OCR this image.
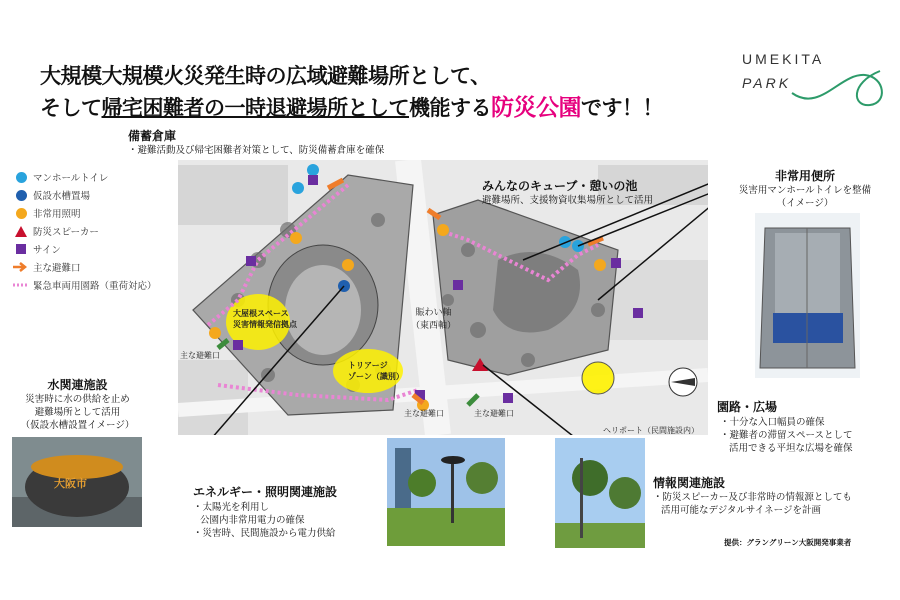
大規模大規模火災発生時の広域避難場所として、
そして帰宅困難者の一時退避場所として機能する防災公園です！！
UMEKITA
PARK
備蓄倉庫
・避難活動及び帰宅困難者対策として、防災備蓄倉庫を確保
マンホールトイレ
仮設水槽置場
非常用照明
防災スピーカー
サイン
主な避難口
緊急車両用園路（重荷対応）
大屋根スペース
災害情報発信拠点
トリアージ
ゾーン（識別）
賑わい軸
（東西軸）
主な避難口
主な避難口	主な避難口
ヘリポート（民間施設内）
みんなのキューブ・憩いの池
避難場所、支援物資収集場所として活用
非常用便所
災害用マンホールトイレを整備
（イメージ）
水関連施設
災害時に水の供給を止め
避難場所として活用
（仮設水槽設置イメージ）
大阪市
エネルギー・照明関連施設
・太陽光を利用し
公園内非常用電力の確保
・災害時、民間施設から電力供給
情報関連施設
・防災スピーカー及び非常時の情報源としても
活用可能なデジタルサイネージを計画
園路・広場
・十分な入口幅員の確保
・避難者の滞留スペースとして
活用できる平坦な広場を確保
提供：グラングリーン大阪開発事業者
